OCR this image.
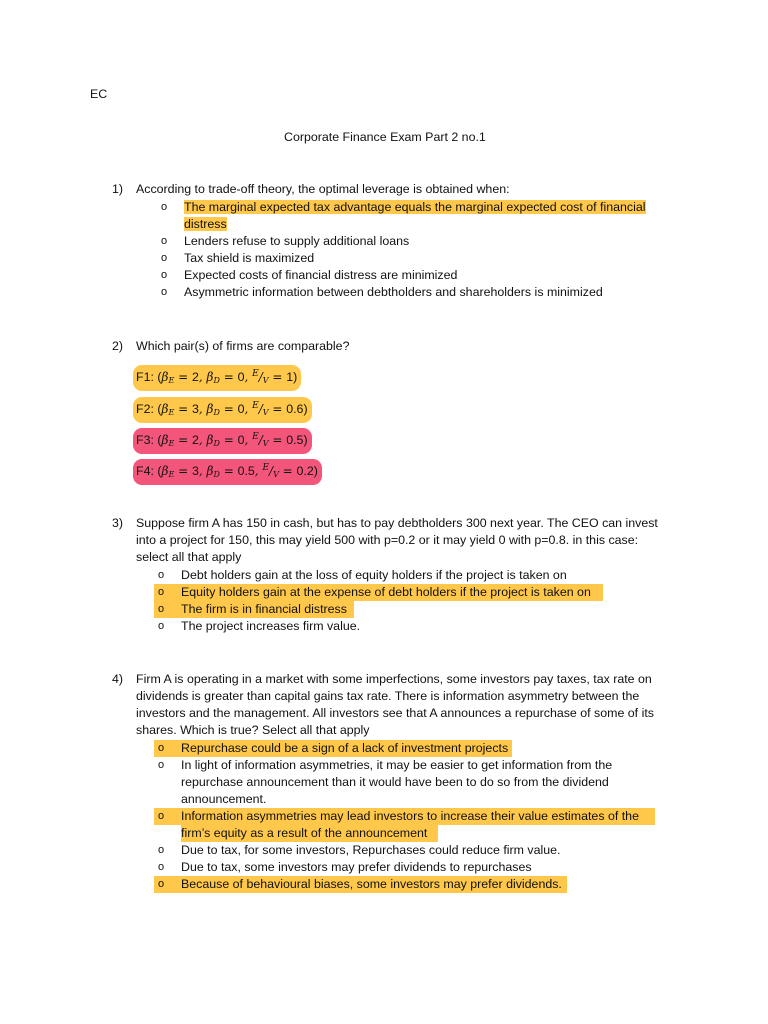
EC
Corporate Finance Exam Part 2 no.1
1) According to trade-off theory, the optimal leverage is obtained when:
o	The marginal expected tax advantage equals the marginal expected cost of financial
distress
o	Lenders refuse to supply additional loans
o	Tax shield is maximized
o	Expected costs of financial distress are minimized
o	Asymmetric information between debtholders and shareholders is minimized
2) Which pair(s) of firms are comparable?
F1: ($\beta_E = 2$, $\beta_D = 0$, $^E/_V = 1$)
F2: ($\beta_E = 3$, $\beta_D = 0$, $^E/_V = 0.6$)
F3: ($\beta_E = 2$, $\beta_D = 0$, $^E/_V = 0.5$)
F4: ($\beta_E = 3$, $\beta_D = 0.5$, $^E/_V = 0.2$)
3) Suppose firm A has 150 in cash, but has to pay debtholders 300 next year. The CEO can invest
into a project for 150, this may yield 500 with p=0.2 or it may yield 0 with p=0.8. in this case:
select all that apply
o	Debt holders gain at the loss of equity holders if the project is taken on
o	Equity holders gain at the expense of debt holders if the project is taken on
o	The firm is in financial distress
o	The project increases firm value.
4) Firm A is operating in a market with some imperfections, some investors pay taxes, tax rate on
dividends is greater than capital gains tax rate. There is information asymmetry between the
investors and the management. All investors see that A announces a repurchase of some of its
shares. Which is true? Select all that apply
o	Repurchase could be a sign of a lack of investment projects
o	In light of information asymmetries, it may be easier to get information from the
repurchase announcement than it would have been to do so from the dividend
announcement.
o	Information asymmetries may lead investors to increase their value estimates of the
firm’s equity as a result of the announcement
o	Due to tax, for some investors, Repurchases could reduce firm value.
o	Due to tax, some investors may prefer dividends to repurchases
o	Because of behavioural biases, some investors may prefer dividends.
